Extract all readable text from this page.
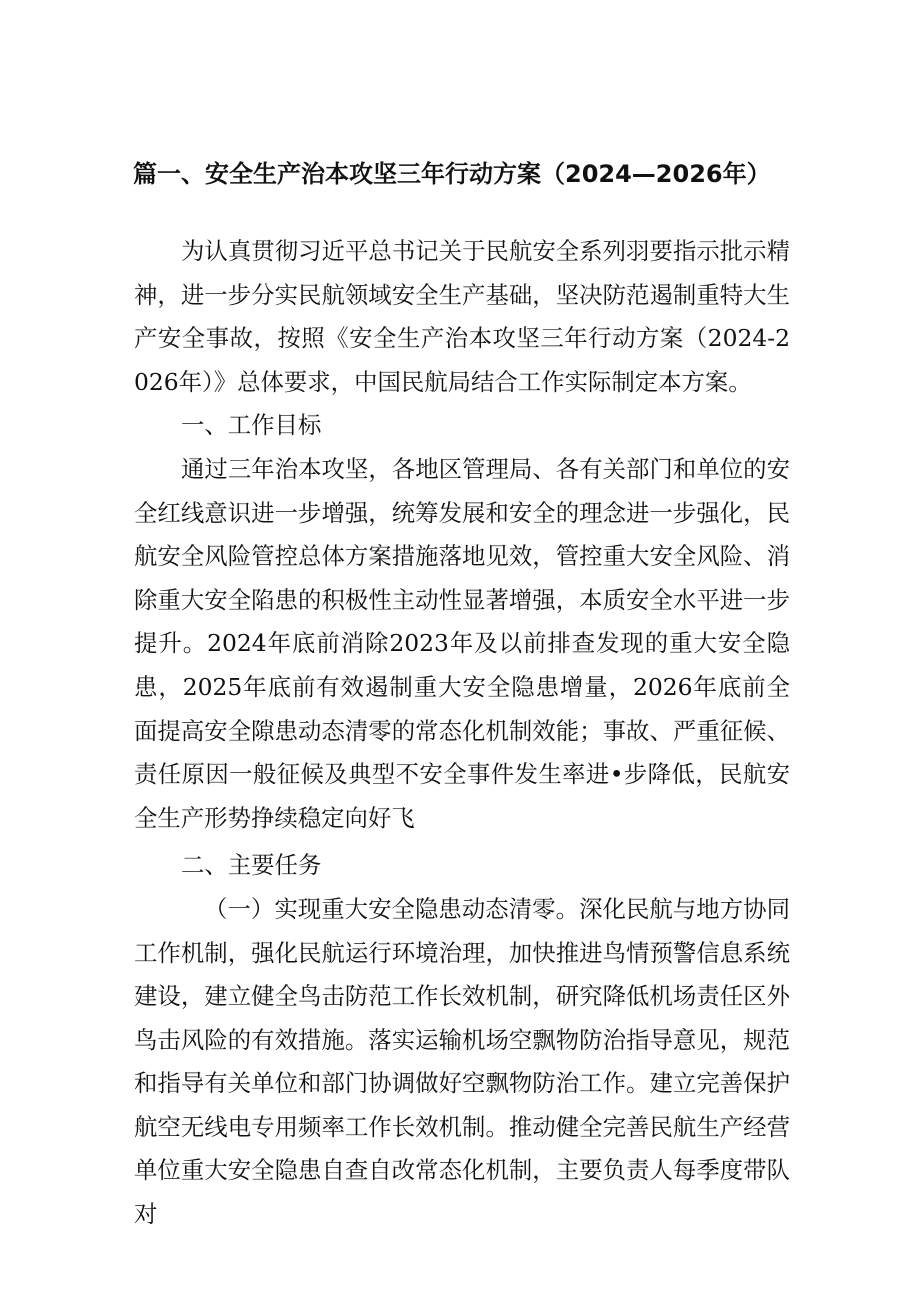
篇一、安全生产治本攻坚三年行动方案（2024—2026年）

为认真贯彻习近平总书记关于民航安全系列羽要指示批示精神，进一步分实民航领域安全生产基础，坚决防范遏制重特大生产安全事故，按照《安全生产治本攻坚三年行动方案（2024-2026年）》总体要求，中国民航局结合工作实际制定本方案。

一、工作目标

通过三年治本攻坚，各地区管理局、各有关部门和单位的安全红线意识进一步增强，统筹发展和安全的理念进一步强化，民航安全风险管控总体方案措施落地见效，管控重大安全风险、消除重大安全陷患的积极性主动性显著增强，本质安全水平进一步提升。2024年底前消除2023年及以前排查发现的重大安全隐患，2025年底前有效遏制重大安全隐患增量，2026年底前全面提高安全隙患动态清零的常态化机制效能；事故、严重征候、责任原因一般征候及典型不安全事件发生率进•步降低，民航安全生产形势挣续稳定向好飞

二、主要任务

（一）实现重大安全隐患动态清零。深化民航与地方协同工作机制，强化民航运行环境治理，加快推进鸟情预警信息系统建设，建立健全鸟击防范工作长效机制，研究降低机场责任区外鸟击风险的有效措施。落实运输机场空飘物防治指导意见，规范和指导有关单位和部门协调做好空飘物防治工作。建立完善保护航空无线电专用频率工作长效机制。推动健全完善民航生产经营单位重大安全隐患自查自改常态化机制，主要负责人每季度带队对
